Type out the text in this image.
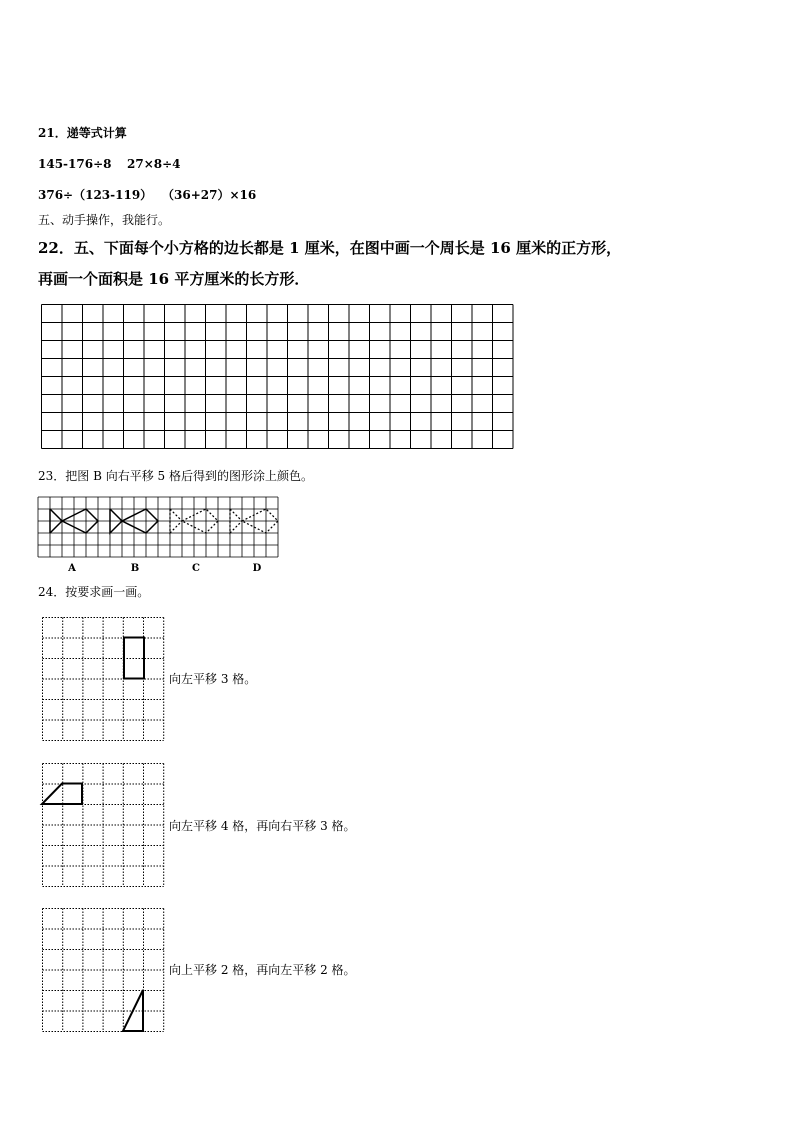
21．递等式计算
145-176÷8 27×8÷4
376÷（123-119） （36+27）×16
五、动手操作，我能行。
22．五、下面每个小方格的边长都是 1 厘米，在图中画一个周长是 16 厘米的正方形，
再画一个面积是 16 平方厘米的长方形．
23．把图 B 向右平移 5 格后得到的图形涂上颜色。
A	B	C	D
24．按要求画一画。
向左平移 3 格。
向左平移 4 格，再向右平移 3 格。
向上平移 2 格，再向左平移 2 格。
